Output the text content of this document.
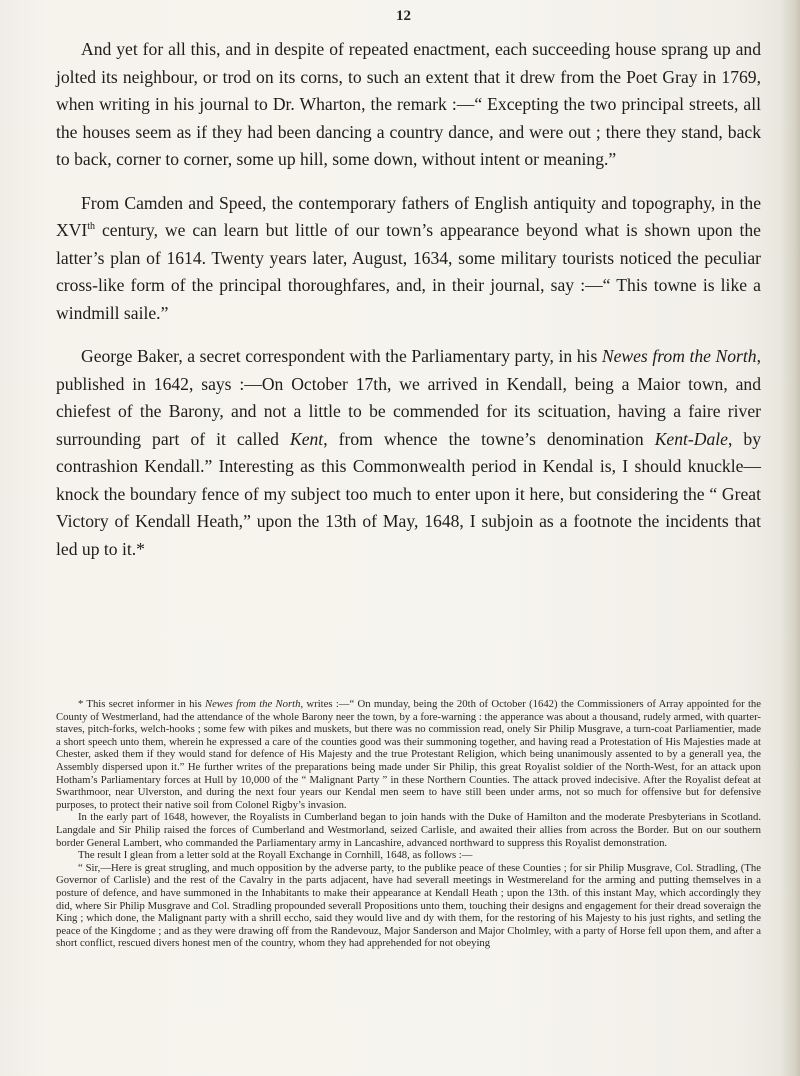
12

And yet for all this, and in despite of repeated enactment, each succeeding house sprang up and jolted its neighbour, or trod on its corns, to such an extent that it drew from the Poet Gray in 1769, when writing in his journal to Dr. Wharton, the remark :—“ Excepting the two principal streets, all the houses seem as if they had been dancing a country dance, and were out ; there they stand, back to back, corner to corner, some up hill, some down, without intent or meaning.”

From Camden and Speed, the contemporary fathers of English antiquity and topography, in the XVIth century, we can learn but little of our town’s appearance beyond what is shown upon the latter’s plan of 1614. Twenty years later, August, 1634, some military tourists noticed the peculiar cross-like form of the principal thoroughfares, and, in their journal, say :—“ This towne is like a windmill saile.”

George Baker, a secret correspondent with the Parliamentary party, in his Newes from the North, published in 1642, says :—On October 17th, we arrived in Kendall, being a Maior town, and chiefest of the Barony, and not a little to be commended for its scituation, having a faire river surrounding part of it called Kent, from whence the towne’s denomination Kent-Dale, by contrashion Kendall.” Interesting as this Commonwealth period in Kendal is, I should knuckle—knock the boundary fence of my subject too much to enter upon it here, but considering the “ Great Victory of Kendall Heath,” upon the 13th of May, 1648, I subjoin as a footnote the incidents that led up to it.*

* This secret informer in his Newes from the North, writes :—“ On munday, being the 20th of October (1642) the Commissioners of Array appointed for the County of Westmerland, had the attendance of the whole Barony neer the town, by a fore-warning : the apperance was about a thousand, rudely armed, with quarter-staves, pitch-forks, welch-hooks ; some few with pikes and muskets, but there was no commission read, onely Sir Philip Musgrave, a turn-coat Parliamentier, made a short speech unto them, wherein he expressed a care of the counties good was their summoning together, and having read a Protestation of His Majesties made at Chester, asked them if they would stand for defence of His Majesty and the true Protestant Religion, which being unanimously assented to by a generall yea, the Assembly dispersed upon it.” He further writes of the preparations being made under Sir Philip, this great Royalist soldier of the North-West, for an attack upon Hotham’s Parliamentary forces at Hull by 10,000 of the “ Malignant Party ” in these Northern Counties. The attack proved indecisive. After the Royalist defeat at Swarthmoor, near Ulverston, and during the next four years our Kendal men seem to have still been under arms, not so much for offensive but for defensive purposes, to protect their native soil from Colonel Rigby’s invasion.

In the early part of 1648, however, the Royalists in Cumberland began to join hands with the Duke of Hamilton and the moderate Presbyterians in Scotland. Langdale and Sir Philip raised the forces of Cumberland and Westmorland, seized Carlisle, and awaited their allies from across the Border. But on our southern border General Lambert, who commanded the Parliamentary army in Lancashire, advanced northward to suppress this Royalist demonstration.

The result I glean from a letter sold at the Royall Exchange in Cornhill, 1648, as follows :—

“ Sir,—Here is great strugling, and much opposition by the adverse party, to the publike peace of these Counties ; for sir Philip Musgrave, Col. Stradling, (The Governor of Carlisle) and the rest of the Cavalry in the parts adjacent, have had severall meetings in Westmereland for the arming and putting themselves in a posture of defence, and have summoned in the Inhabitants to make their appearance at Kendall Heath ; upon the 13th. of this instant May, which accordingly they did, where Sir Philip Musgrave and Col. Stradling propounded severall Propositions unto them, touching their designs and engagement for their dread soveraign the King ; which done, the Malignant party with a shrill eccho, said they would live and dy with them, for the restoring of his Majesty to his just rights, and setling the peace of the Kingdome ; and as they were drawing off from the Randevouz, Major Sanderson and Major Cholmley, with a party of Horse fell upon them, and after a short conflict, rescued divers honest men of the country, whom they had apprehended for not obeying
